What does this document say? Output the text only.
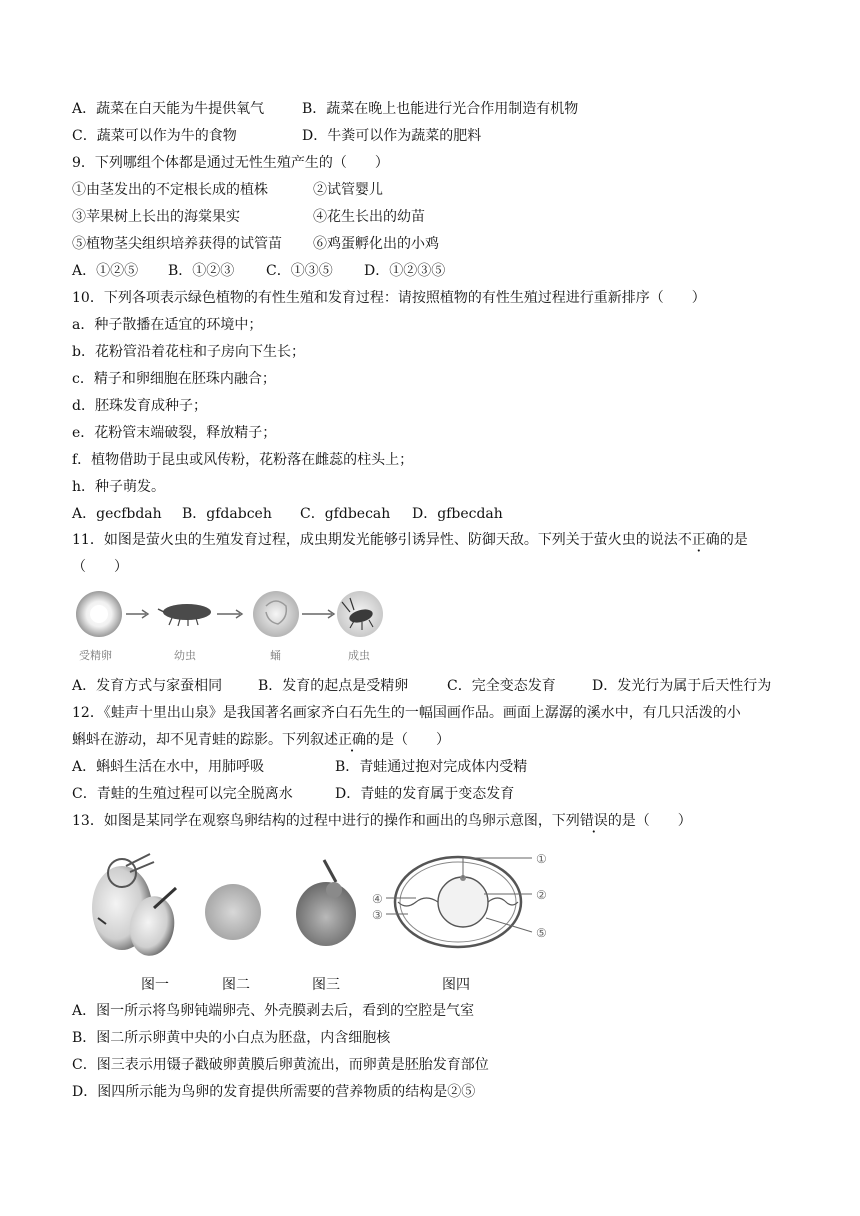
A．蔬菜在白天能为牛提供氧气	B．蔬菜在晚上也能进行光合作用制造有机物
C．蔬菜可以作为牛的食物	D．牛粪可以作为蔬菜的肥料
9．下列哪组个体都是通过无性生殖产生的（　　）
①由茎发出的不定根长成的植株	②试管婴儿
③苹果树上长出的海棠果实	④花生长出的幼苗
⑤植物茎尖组织培养获得的试管苗 ⑥鸡蛋孵化出的小鸡
A．①②⑤ B．①②③ C．①③⑤ D．①②③⑤
10．下列各项表示绿色植物的有性生殖和发育过程：请按照植物的有性生殖过程进行重新排序（　　）
a．种子散播在适宜的环境中；
b．花粉管沿着花柱和子房向下生长；
c．精子和卵细胞在胚珠内融合；
d．胚珠发育成种子；
e．花粉管末端破裂，释放精子；
f．植物借助于昆虫或风传粉，花粉落在雌蕊的柱头上；
h．种子萌发。
A．gecfbdah B．gfdabceh C．gfdbecah D．gfbecdah
11．如图是萤火虫的生殖发育过程，成虫期发光能够引诱异性、防御天敌。下列关于萤火虫的说法不正确的是
（　　）
受精卵	幼虫	蛹	成虫
A．发育方式与家蚕相同	B．发育的起点是受精卵	C．完全变态发育	D．发光行为属于后天性行为
12．《蛙声十里出山泉》是我国著名画家齐白石先生的一幅国画作品。画面上潺潺的溪水中，有几只活泼的小
蝌蚪在游动，却不见青蛙的踪影。下列叙述正确的是（　　）
A．蝌蚪生活在水中，用肺呼吸	B．青蛙通过抱对完成体内受精
C．青蛙的生殖过程可以完全脱离水	D．青蛙的发育属于变态发育
13．如图是某同学在观察鸟卵结构的过程中进行的操作和画出的鸟卵示意图，下列错误的是（　　）
①
②
③
④
⑤
图一	图二	图三	图四
A．图一所示将鸟卵钝端卵壳、外壳膜剥去后，看到的空腔是气室
B．图二所示卵黄中央的小白点为胚盘，内含细胞核
C．图三表示用镊子戳破卵黄膜后卵黄流出，而卵黄是胚胎发育部位
D．图四所示能为鸟卵的发育提供所需要的营养物质的结构是②⑤
